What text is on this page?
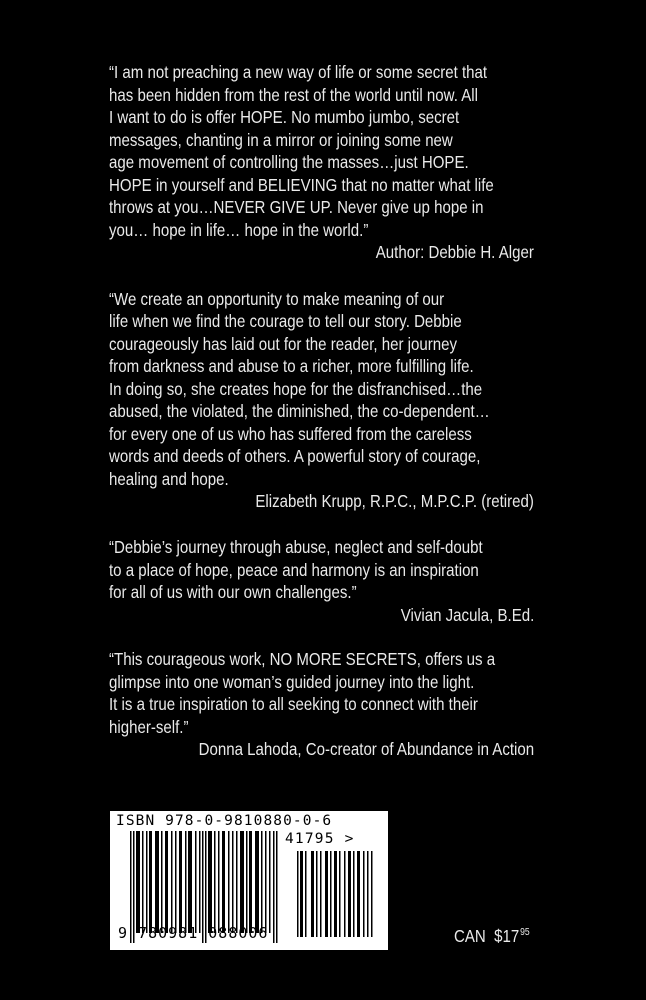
“I am not preaching a new way of life or some secret that
has been hidden from the rest of the world until now. All
I want to do is offer HOPE. No mumbo jumbo, secret
messages, chanting in a mirror or joining some new
age movement of controlling the masses…just HOPE.
HOPE in yourself and BELIEVING that no matter what life
throws at you…NEVER GIVE UP. Never give up hope in
you… hope in life… hope in the world.”
Author: Debbie H. Alger
“We create an opportunity to make meaning of our
life when we find the courage to tell our story. Debbie
courageously has laid out for the reader, her journey
from darkness and abuse to a richer, more fulfilling life.
In doing so, she creates hope for the disfranchised…the
abused, the violated, the diminished, the co-dependent…
for every one of us who has suffered from the careless
words and deeds of others. A powerful story of courage,
healing and hope.
Elizabeth Krupp, R.P.C., M.P.C.P. (retired)
“Debbie’s journey through abuse, neglect and self-doubt
to a place of hope, peace and harmony is an inspiration
for all of us with our own challenges.”
Vivian Jacula, B.Ed.
“This courageous work, NO MORE SECRETS, offers us a
glimpse into one woman’s guided journey into the light.
It is a true inspiration to all seeking to connect with their
higher-self.”
Donna Lahoda, Co-creator of Abundance in Action
ISBN 978-0-9810880-0-6
41795 >
9 780981 088006	CAN $\$17^{95}$
